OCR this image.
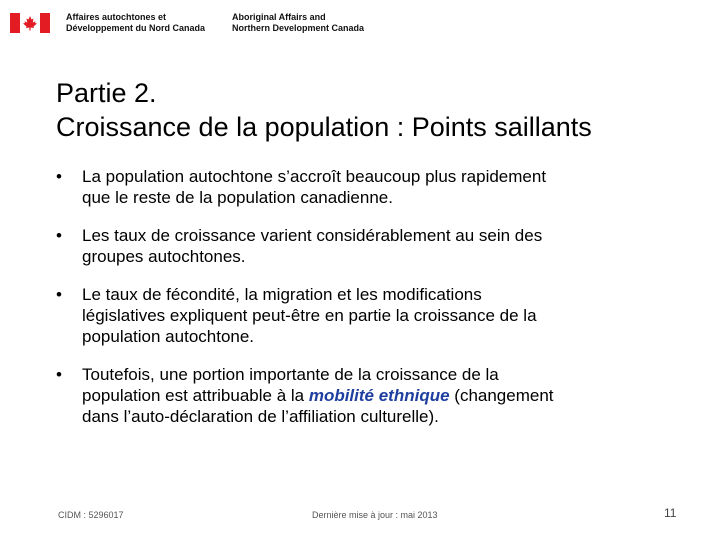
Affaires autochtones et
Développement du Nord Canada
Aboriginal Affairs and
Northern Development Canada
Partie 2.
Croissance de la population : Points saillants
• La population autochtone s’accroît beaucoup plus rapidement que le reste de la population canadienne.
• Les taux de croissance varient considérablement au sein des groupes autochtones.
• Le taux de fécondité, la migration et les modifications législatives expliquent peut-être en partie la croissance de la population autochtone.
• Toutefois, une portion importante de la croissance de la population est attribuable à la mobilité ethnique (changement dans l’auto-déclaration de l’affiliation culturelle).
CIDM : 5296017	Dernière mise à jour : mai 2013	11
